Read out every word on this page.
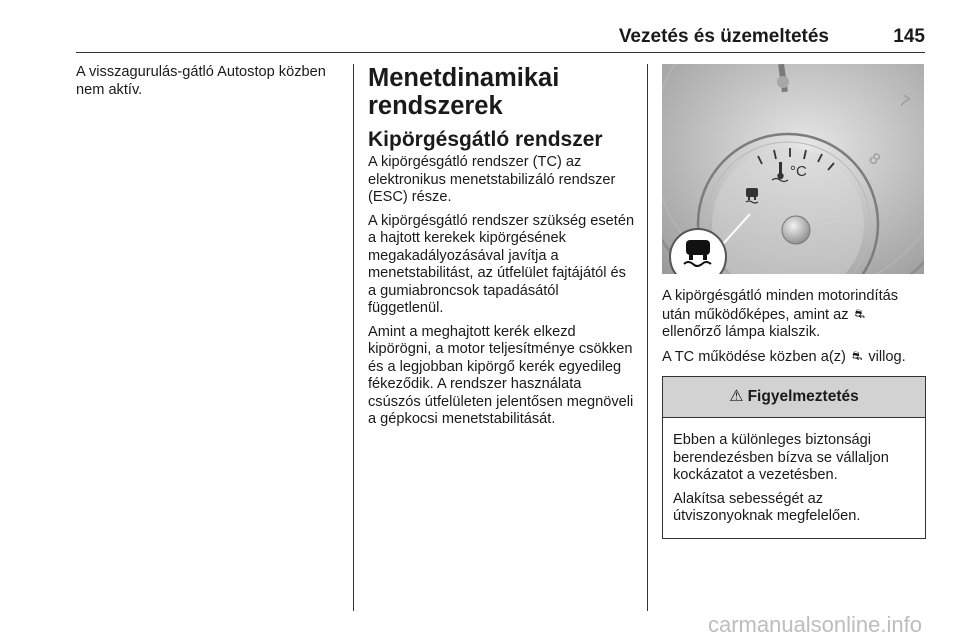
Vezetés és üzemeltetés	145

A visszagurulás-gátló Autostop közben nem aktív.	Menetdinamikai rendszerek
Kipörgésgátló rendszer

A kipörgésgátló rendszer (TC) az elektronikus menetstabilizáló rendszer (ESC) része.

A kipörgésgátló rendszer szükség esetén a hajtott kerekek kipörgésének megakadályozásával javítja a menetstabilitást, az útfelület fajtájától és a gumiabroncsok tapadásától függetlenül.

Amint a meghajtott kerék elkezd kipörögni, a motor teljesítménye csökken és a legjobban kipörgő kerék egyedileg fékeződik. A rendszer használata csúszós útfelületen jelentősen megnöveli a gépkocsi menetstabilitását.

7
8
°C

A kipörgésgátló minden motorindítás után működőképes, amint az ⛐
ellenőrző lámpa kialszik.

A TC működése közben a(z) ⛐ villog.

⚠ Figyelmeztetés

Ebben a különleges biztonsági berendezésben bízva se vállaljon kockázatot a vezetésben.

Alakítsa sebességét az útviszonyoknak megfelelően.

carmanualsonline.info
